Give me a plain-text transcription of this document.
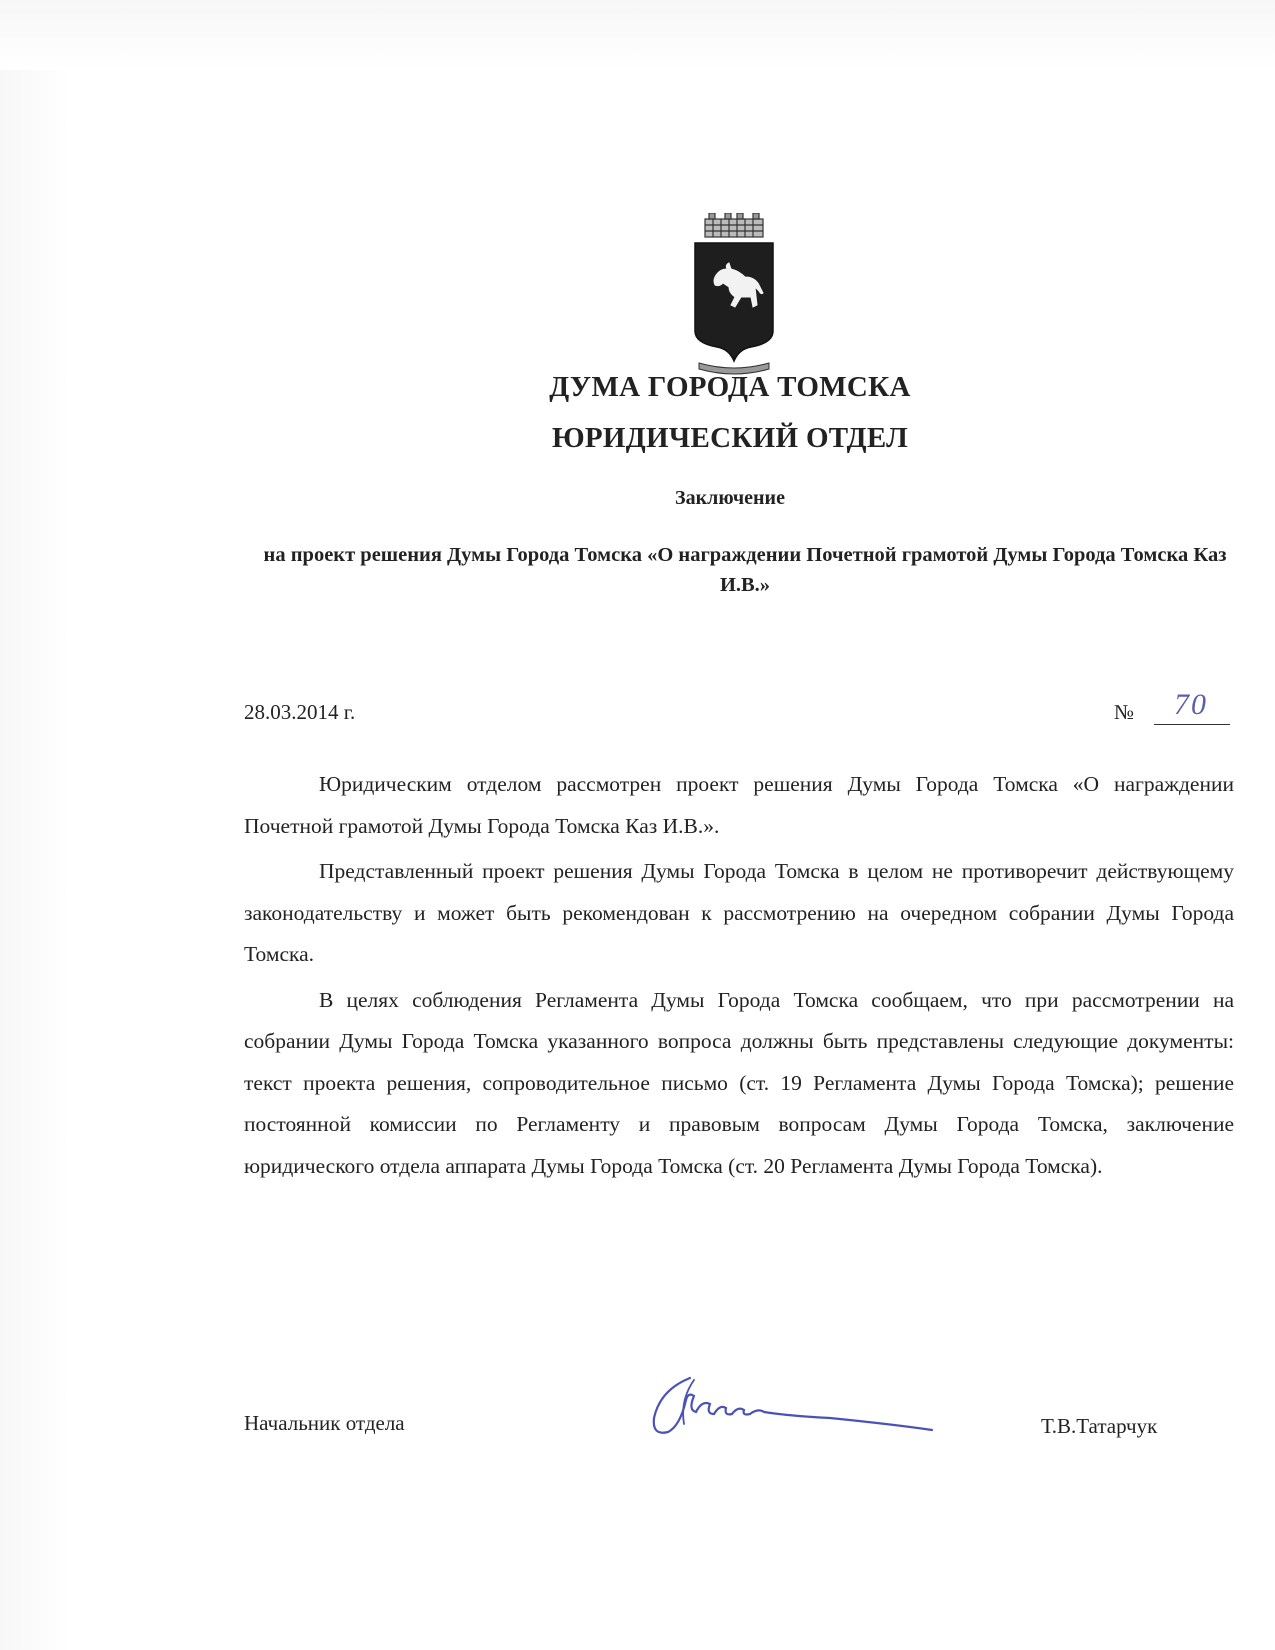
ДУМА ГОРОДА ТОМСКА
ЮРИДИЧЕСКИЙ ОТДЕЛ
Заключение
на проект решения Думы Города Томска «О награждении Почетной грамотой Думы Города Томска Каз И.В.»
28.03.2014 г.	№ 70

Юридическим отделом рассмотрен проект решения Думы Города Томска «О награждении Почетной грамотой Думы Города Томска Каз И.В.».

Представленный проект решения Думы Города Томска в целом не противоречит действующему законодательству и может быть рекомендован к рассмотрению на очередном собрании Думы Города Томска.

В целях соблюдения Регламента Думы Города Томска сообщаем, что при рассмотрении на собрании Думы Города Томска указанного вопроса должны быть представлены следующие документы: текст проекта решения, сопроводительное письмо (ст. 19 Регламента Думы Города Томска); решение постоянной комиссии по Регламенту и правовым вопросам Думы Города Томска, заключение юридического отдела аппарата Думы Города Томска (ст. 20 Регламента Думы Города Томска).

Начальник отдела	Т.В.Татарчук
